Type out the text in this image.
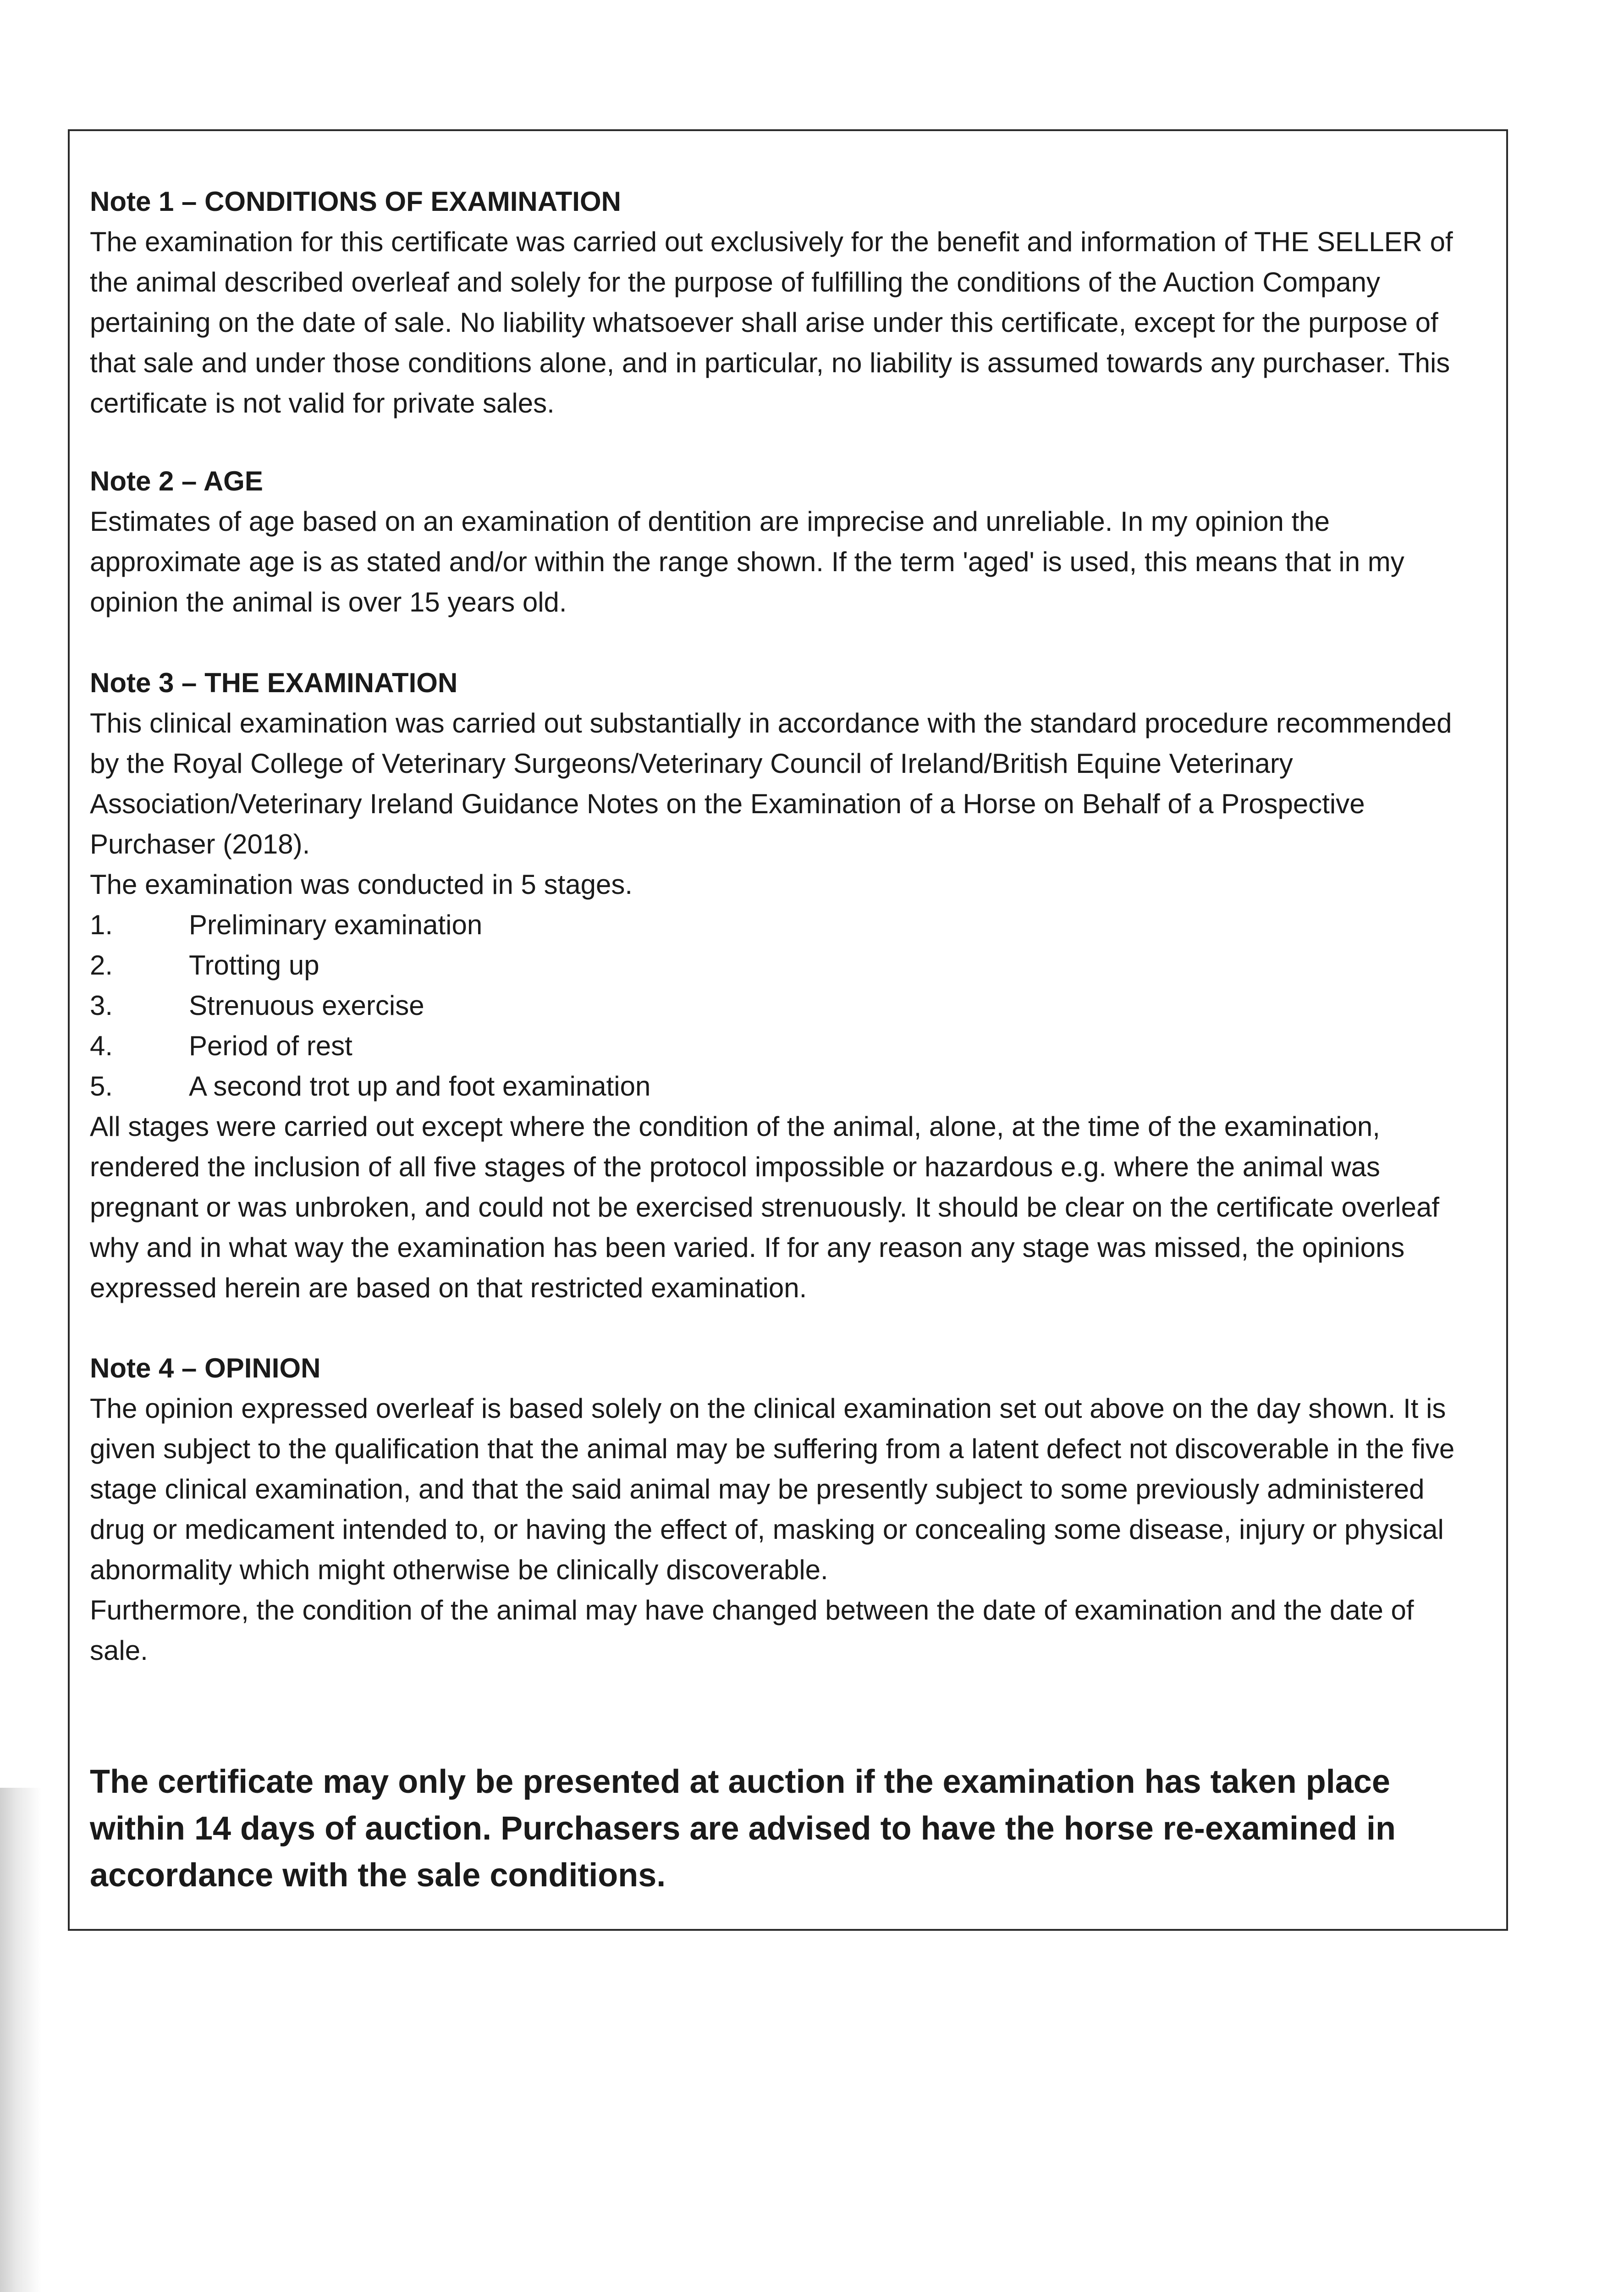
Note 1 – CONDITIONS OF EXAMINATION

The examination for this certificate was carried out exclusively for the benefit and information of THE SELLER of the animal described overleaf and solely for the purpose of fulfilling the conditions of the Auction Company pertaining on the date of sale. No liability whatsoever shall arise under this certificate, except for the purpose of that sale and under those conditions alone, and in particular, no liability is assumed towards any purchaser. This certificate is not valid for private sales.

Note 2 – AGE

Estimates of age based on an examination of dentition are imprecise and unreliable. In my opinion the approximate age is as stated and/or within the range shown. If the term 'aged' is used, this means that in my opinion the animal is over 15 years old.

Note 3 – THE EXAMINATION

This clinical examination was carried out substantially in accordance with the standard procedure recommended by the Royal College of Veterinary Surgeons/Veterinary Council of Ireland/British Equine Veterinary Association/Veterinary Ireland Guidance Notes on the Examination of a Horse on Behalf of a Prospective Purchaser (2018).

The examination was conducted in 5 stages.

1.	Preliminary examination
2.	Trotting up
3.	Strenuous exercise
4.	Period of rest
5.	A second trot up and foot examination

All stages were carried out except where the condition of the animal, alone, at the time of the examination, rendered the inclusion of all five stages of the protocol impossible or hazardous e.g. where the animal was pregnant or was unbroken, and could not be exercised strenuously. It should be clear on the certificate overleaf why and in what way the examination has been varied. If for any reason any stage was missed, the opinions expressed herein are based on that restricted examination.

Note 4 – OPINION

The opinion expressed overleaf is based solely on the clinical examination set out above on the day shown. It is given subject to the qualification that the animal may be suffering from a latent defect not discoverable in the five stage clinical examination, and that the said animal may be presently subject to some previously administered drug or medicament intended to, or having the effect of, masking or concealing some disease, injury or physical abnormality which might otherwise be clinically discoverable.

Furthermore, the condition of the animal may have changed between the date of examination and the date of sale.

The certificate may only be presented at auction if the examination has taken place within 14 days of auction. Purchasers are advised to have the horse re-examined in accordance with the sale conditions.
